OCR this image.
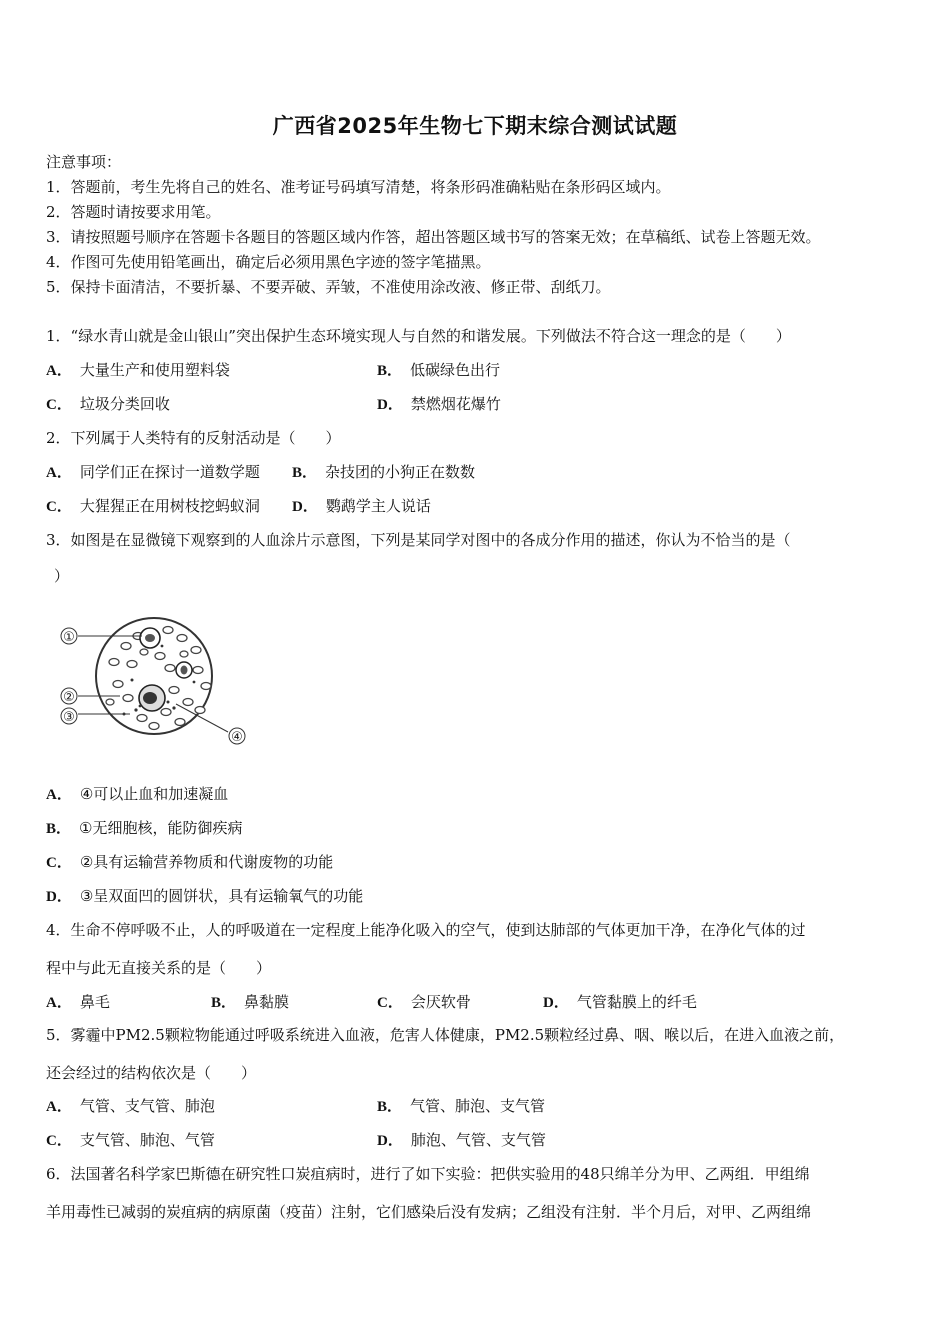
广西省2025年生物七下期末综合测试试题
注意事项：
1．答题前，考生先将自己的姓名、准考证号码填写清楚，将条形码准确粘贴在条形码区域内。
2．答题时请按要求用笔。
3．请按照题号顺序在答题卡各题目的答题区域内作答，超出答题区域书写的答案无效；在草稿纸、试卷上答题无效。
4．作图可先使用铅笔画出，确定后必须用黑色字迹的签字笔描黑。
5．保持卡面清洁，不要折暴、不要弄破、弄皱，不准使用涂改液、修正带、刮纸刀。
1．“绿水青山就是金山银山”突出保护生态环境实现人与自然的和谐发展。下列做法不符合这一理念的是（　　）
A． 大量生产和使用塑料袋	B． 低碳绿色出行
C． 垃圾分类回收	D． 禁燃烟花爆竹
2．下列属于人类特有的反射活动是（　　）
A． 同学们正在探讨一道数学题 B． 杂技团的小狗正在数数
C． 大猩猩正在用树枝挖蚂蚁洞 D． 鹦鹉学主人说话
3．如图是在显微镜下观察到的人血涂片示意图，下列是某同学对图中的各成分作用的描述，你认为不恰当的是（
）
①
②
③
④
A． ④可以止血和加速凝血
B． ①无细胞核，能防御疾病
C． ②具有运输营养物质和代谢废物的功能
D． ③呈双面凹的圆饼状，具有运输氧气的功能
4．生命不停呼吸不止，人的呼吸道在一定程度上能净化吸入的空气，使到达肺部的气体更加干净，在净化气体的过
程中与此无直接关系的是（　　）
A． 鼻毛	B． 鼻黏膜	C． 会厌软骨	D． 气管黏膜上的纤毛
5．雾霾中PM2.5颗粒物能通过呼吸系统进入血液，危害人体健康，PM2.5颗粒经过鼻、咽、喉以后，在进入血液之前，
还会经过的结构依次是（　　）
A． 气管、支气管、肺泡	B． 气管、肺泡、支气管
C． 支气管、肺泡、气管	D． 肺泡、气管、支气管
6．法国著名科学家巴斯德在研究牲口炭疽病时，进行了如下实验：把供实验用的48只绵羊分为甲、乙两组．甲组绵
羊用毒性已减弱的炭疽病的病原菌（疫苗）注射，它们感染后没有发病；乙组没有注射．半个月后，对甲、乙两组绵
